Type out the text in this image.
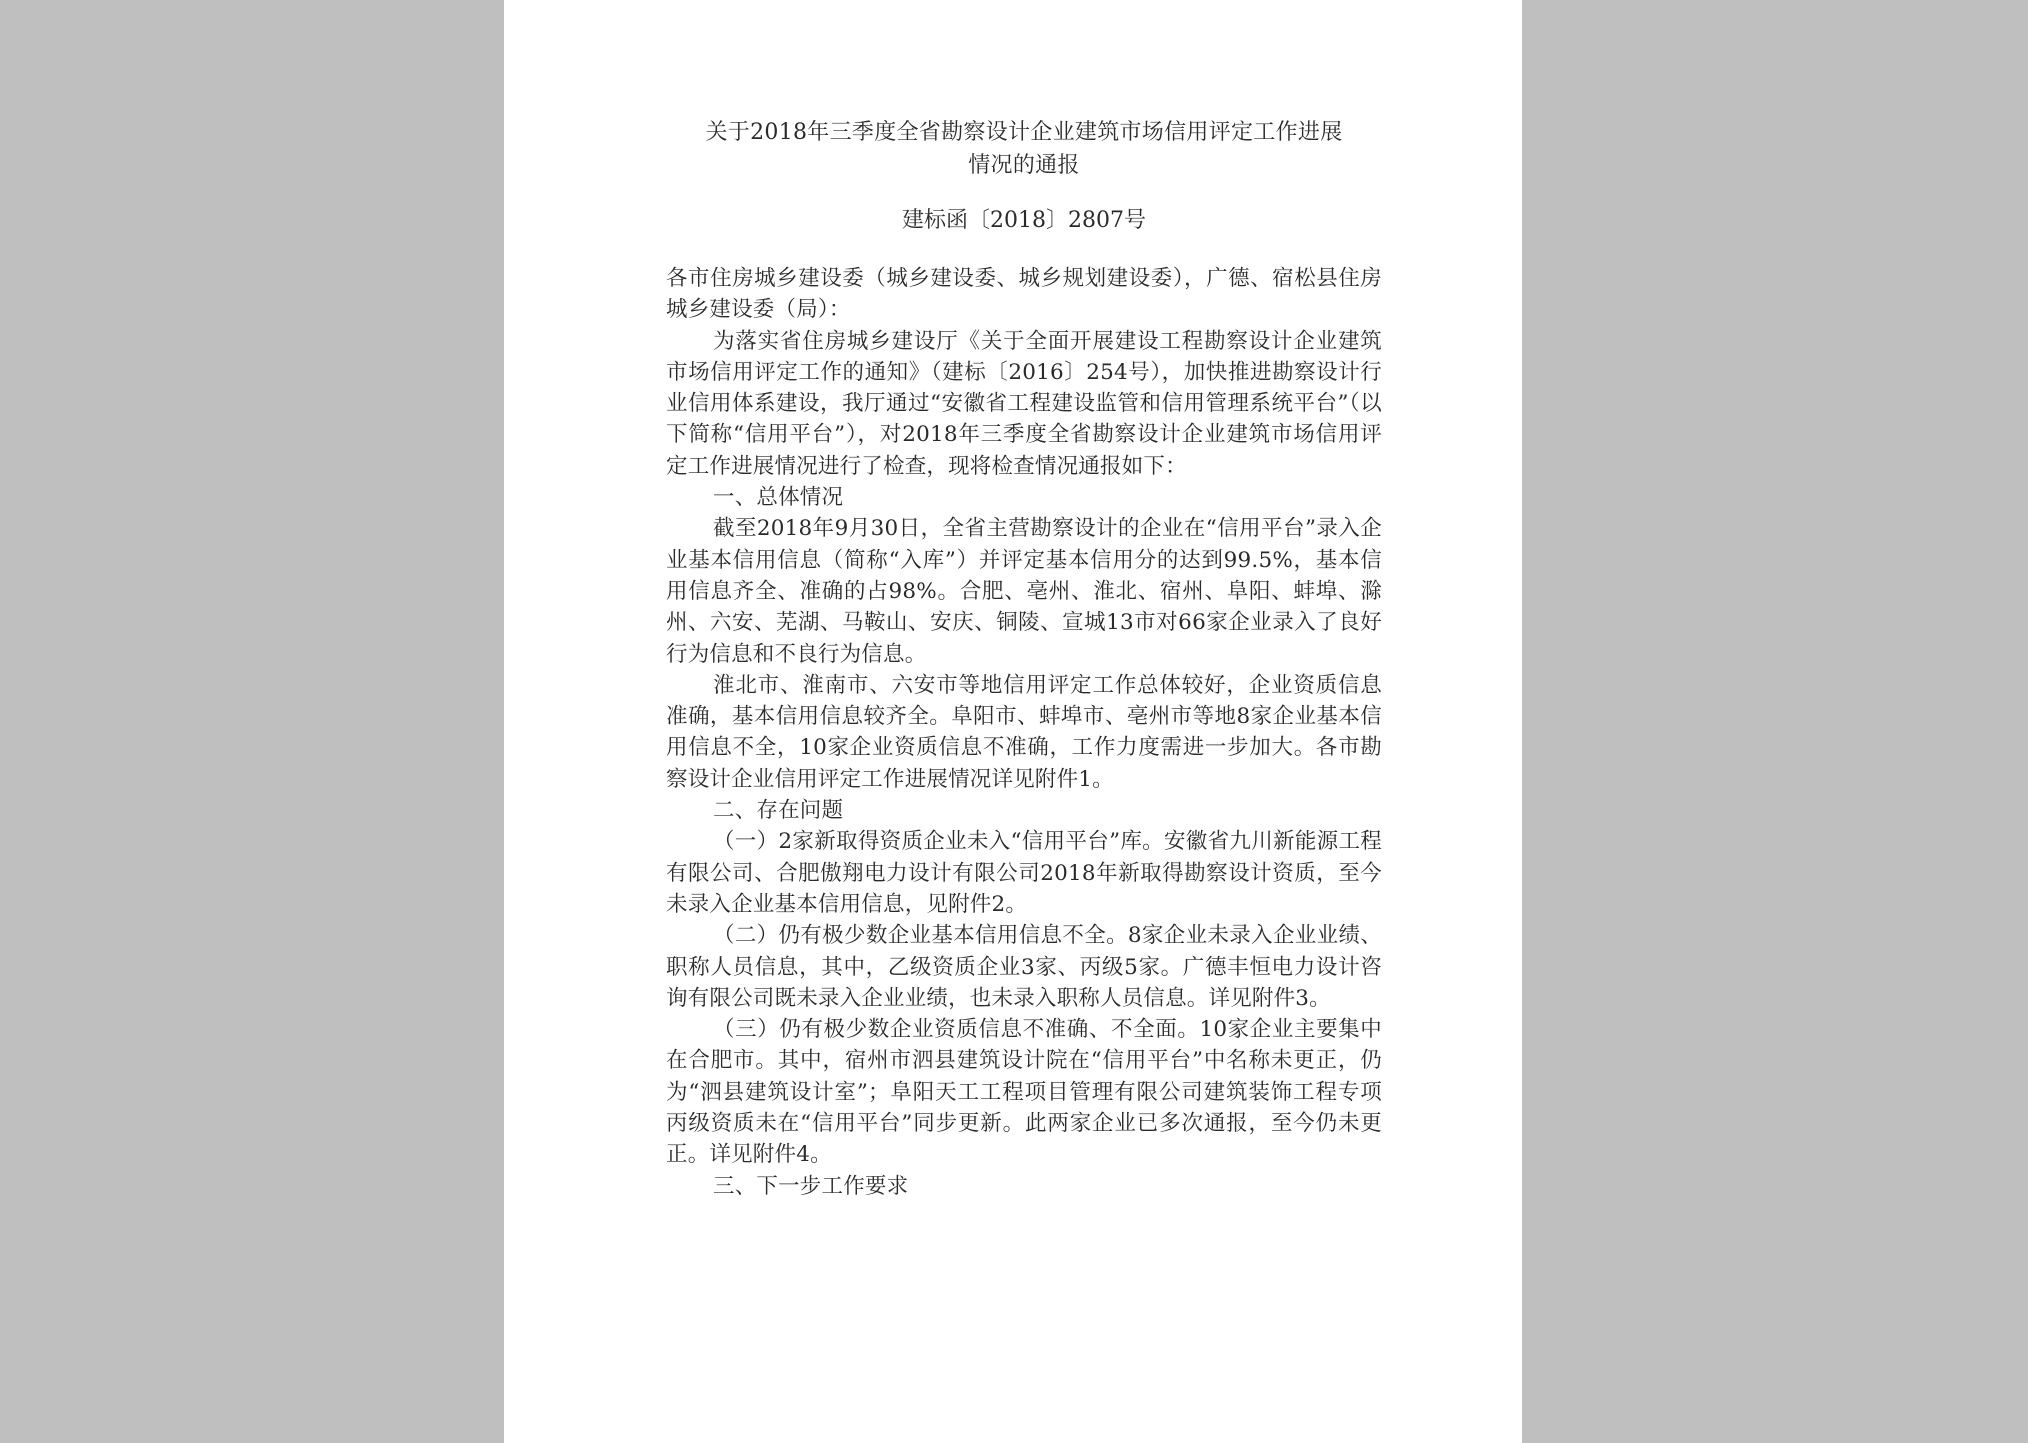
关于2018年三季度全省勘察设计企业建筑市场信用评定工作进展
情况的通报

建标函〔2018〕2807号

各市住房城乡建设委（城乡建设委、城乡规划建设委），广德、宿松县住房城乡建设委（局）：

为落实省住房城乡建设厅《关于全面开展建设工程勘察设计企业建筑市场信用评定工作的通知》（建标〔2016〕254号），加快推进勘察设计行业信用体系建设，我厅通过“安徽省工程建设监管和信用管理系统平台”（以下简称“信用平台”），对2018年三季度全省勘察设计企业建筑市场信用评定工作进展情况进行了检查，现将检查情况通报如下：

一、总体情况

截至2018年9月30日，全省主营勘察设计的企业在“信用平台”录入企业基本信用信息（简称“入库”）并评定基本信用分的达到99.5%，基本信用信息齐全、准确的占98%。合肥、亳州、淮北、宿州、阜阳、蚌埠、滁州、六安、芜湖、马鞍山、安庆、铜陵、宣城13市对66家企业录入了良好行为信息和不良行为信息。

淮北市、淮南市、六安市等地信用评定工作总体较好，企业资质信息准确，基本信用信息较齐全。阜阳市、蚌埠市、亳州市等地8家企业基本信用信息不全，10家企业资质信息不准确，工作力度需进一步加大。各市勘察设计企业信用评定工作进展情况详见附件1。

二、存在问题

（一）2家新取得资质企业未入“信用平台”库。安徽省九川新能源工程有限公司、合肥傲翔电力设计有限公司2018年新取得勘察设计资质，至今未录入企业基本信用信息，见附件2。

（二）仍有极少数企业基本信用信息不全。8家企业未录入企业业绩、职称人员信息，其中，乙级资质企业3家、丙级5家。广德丰恒电力设计咨询有限公司既未录入企业业绩，也未录入职称人员信息。详见附件3。

（三）仍有极少数企业资质信息不准确、不全面。10家企业主要集中在合肥市。其中，宿州市泗县建筑设计院在“信用平台”中名称未更正，仍为“泗县建筑设计室”；阜阳天工工程项目管理有限公司建筑装饰工程专项丙级资质未在“信用平台”同步更新。此两家企业已多次通报，至今仍未更正。详见附件4。

三、下一步工作要求
